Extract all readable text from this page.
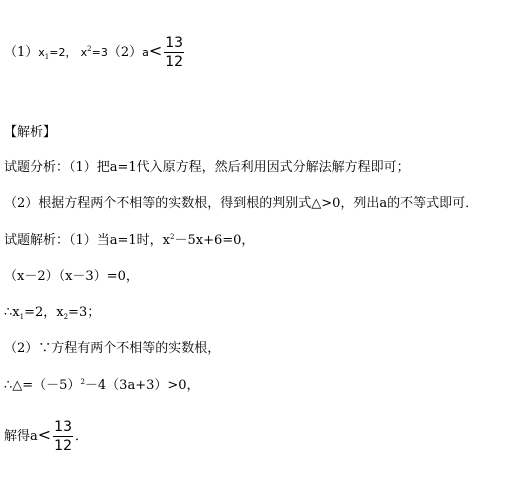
$(1)x_1=2$， $x^2=3(2)a< \frac{13}{12}$
【解析】
试题分析：（1）把a=1代入原方程，然后利用因式分解法解方程即可；
（2）根据方程两个不相等的实数根，得到根的判别式△>0，列出a的不等式即可．
试题解析：（1）当a=1时，$x^2-5x+6=0$，
（x－2）（x－3）=0，
$\therefore x_1=2$，$x_2=3$；
（2）∵方程有两个不相等的实数根，
$\therefore\triangle=(-5)^2-4(3a+3)>0$，
解得$a< \frac{13}{12}$ ．
